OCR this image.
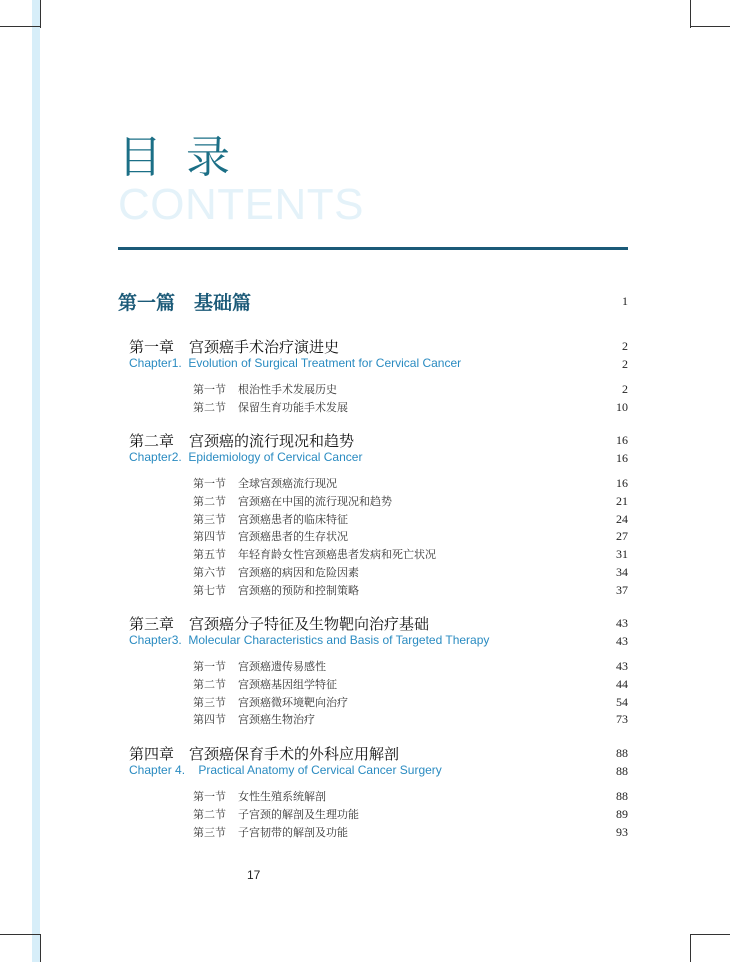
目录
CONTENTS
第一篇　基础篇	1
第一章　宫颈癌手术治疗演进史	2
Chapter1.  Evolution of Surgical Treatment for Cervical Cancer	2
第一节 根治性手术发展历史	2
第二节 保留生育功能手术发展	10
第二章　宫颈癌的流行现况和趋势	16
Chapter2.  Epidemiology of Cervical Cancer	16
第一节 全球宫颈癌流行现况	16
第二节 宫颈癌在中国的流行现况和趋势	21
第三节 宫颈癌患者的临床特征	24
第四节 宫颈癌患者的生存状况	27
第五节 年轻育龄女性宫颈癌患者发病和死亡状况	31
第六节 宫颈癌的病因和危险因素	34
第七节 宫颈癌的预防和控制策略	37
第三章　宫颈癌分子特征及生物靶向治疗基础	43
Chapter3.  Molecular Characteristics and Basis of Targeted Therapy	43
第一节 宫颈癌遗传易感性	43
第二节 宫颈癌基因组学特征	44
第三节 宫颈癌微环境靶向治疗	54
第四节 宫颈癌生物治疗	73
第四章　宫颈癌保育手术的外科应用解剖	88
Chapter 4.    Practical Anatomy of Cervical Cancer Surgery	88
第一节 女性生殖系统解剖	88
第二节 子宫颈的解剖及生理功能	89
第三节 子宫韧带的解剖及功能	93
17
